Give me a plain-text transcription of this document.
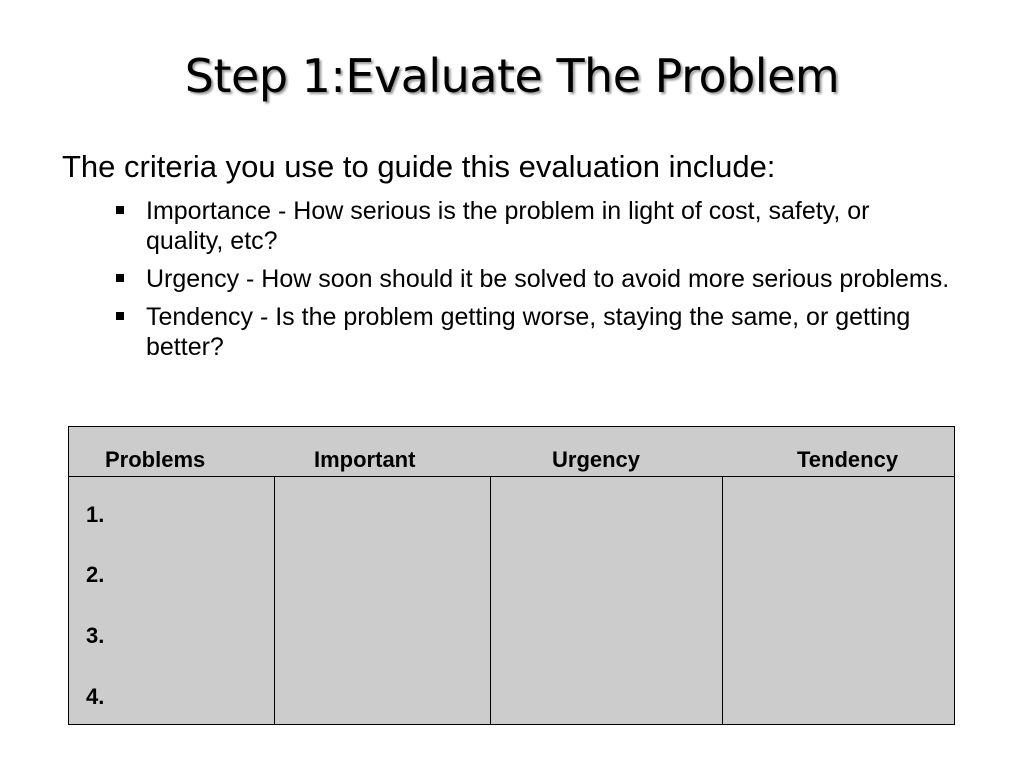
Step 1:Evaluate The Problem
The criteria you use to guide this evaluation include:
Importance - How serious is the problem in light of cost, safety, or quality, etc?
Urgency - How soon should it be solved to avoid more serious problems.
Tendency - Is the problem getting worse, staying the same, or getting better?
Problems	Important	Urgency	Tendency
1.
2.
3.
4.
